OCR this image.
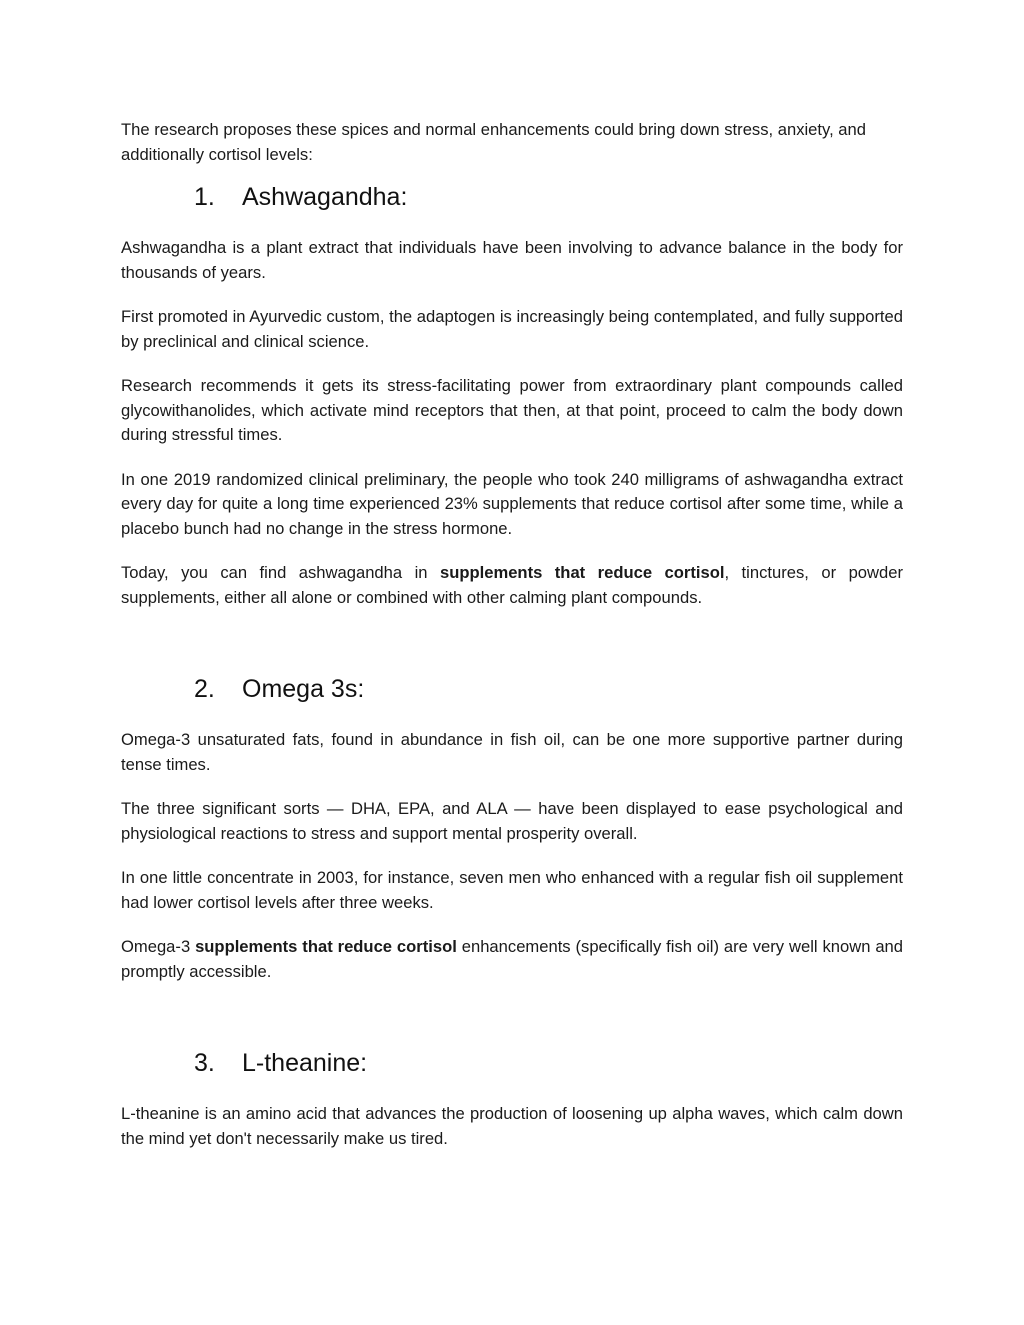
The research proposes these spices and normal enhancements could bring down stress, anxiety, and additionally cortisol levels:

1.	Ashwagandha:

Ashwagandha is a plant extract that individuals have been involving to advance balance in the body for thousands of years.

First promoted in Ayurvedic custom, the adaptogen is increasingly being contemplated, and fully supported by preclinical and clinical science.

Research recommends it gets its stress-facilitating power from extraordinary plant compounds called glycowithanolides, which activate mind receptors that then, at that point, proceed to calm the body down during stressful times.

In one 2019 randomized clinical preliminary, the people who took 240 milligrams of ashwagandha extract every day for quite a long time experienced 23% supplements that reduce cortisol after some time, while a placebo bunch had no change in the stress hormone.

Today, you can find ashwagandha in supplements that reduce cortisol, tinctures, or powder supplements, either all alone or combined with other calming plant compounds.

2.	Omega 3s:

Omega-3 unsaturated fats, found in abundance in fish oil, can be one more supportive partner during tense times.

The three significant sorts — DHA, EPA, and ALA — have been displayed to ease psychological and physiological reactions to stress and support mental prosperity overall.

In one little concentrate in 2003, for instance, seven men who enhanced with a regular fish oil supplement had lower cortisol levels after three weeks.

Omega-3 supplements that reduce cortisol enhancements (specifically fish oil) are very well known and promptly accessible.

3.	L-theanine:

L-theanine is an amino acid that advances the production of loosening up alpha waves, which calm down the mind yet don't necessarily make us tired.
